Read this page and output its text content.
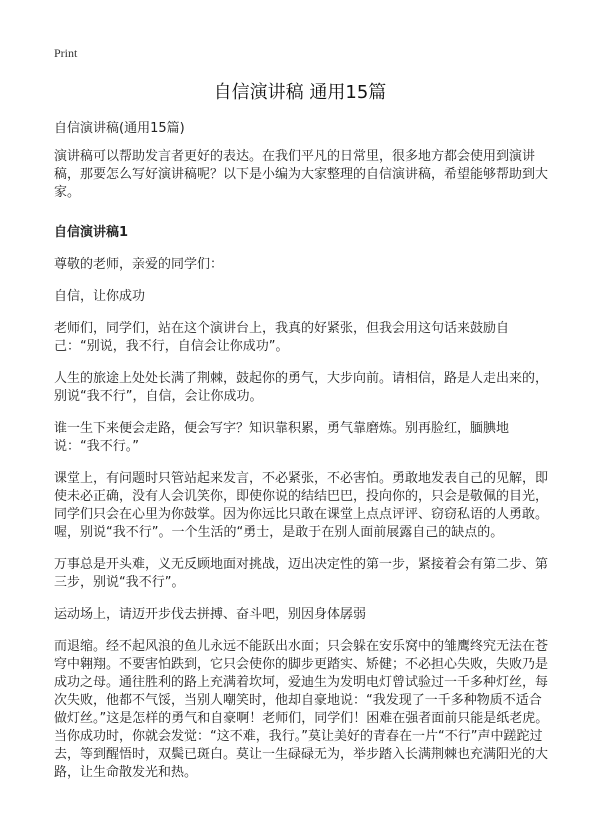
Print
自信演讲稿 通用15篇

自信演讲稿(通用15篇)

演讲稿可以帮助发言者更好的表达。在我们平凡的日常里，很多地方都会使用到演讲稿，那要怎么写好演讲稿呢？以下是小编为大家整理的自信演讲稿，希望能够帮助到大家。

自信演讲稿1

尊敬的老师，亲爱的同学们：

自信，让你成功

老师们，同学们，站在这个演讲台上，我真的好紧张，但我会用这句话来鼓励自己：“别说，我不行，自信会让你成功”。

人生的旅途上处处长满了荆棘，鼓起你的勇气，大步向前。请相信，路是人走出来的，别说“我不行”，自信，会让你成功。

谁一生下来便会走路，便会写字？知识靠积累，勇气靠磨炼。别再脸红，腼腆地说：“我不行。”

课堂上，有问题时只管站起来发言，不必紧张，不必害怕。勇敢地发表自己的见解，即使未必正确，没有人会讥笑你，即使你说的结结巴巴，投向你的，只会是敬佩的目光，同学们只会在心里为你鼓掌。因为你远比只敢在课堂上点点评评、窃窃私语的人勇敢。喔，别说“我不行”。一个生活的“勇士，是敢于在别人面前展露自己的缺点的。

万事总是开头难，义无反顾地面对挑战，迈出决定性的第一步，紧接着会有第二步、第三步，别说“我不行”。

运动场上，请迈开步伐去拼搏、奋斗吧，别因身体孱弱

而退缩。经不起风浪的鱼儿永远不能跃出水面；只会躲在安乐窝中的雏鹰终究无法在苍穹中翱翔。不要害怕跌到，它只会使你的脚步更踏实、矫健；不必担心失败，失败乃是成功之母。通往胜利的路上充满着坎坷，爱迪生为发明电灯曾试验过一千多种灯丝，每次失败，他都不气馁，当别人嘲笑时，他却自豪地说：“我发现了一千多种物质不适合做灯丝。”这是怎样的勇气和自豪啊！老师们，同学们！困难在强者面前只能是纸老虎。当你成功时，你就会发觉：“这不难，我行。”莫让美好的青春在一片“不行”声中蹉跎过去，等到醒悟时，双鬓已斑白。莫让一生碌碌无为，举步踏入长满荆棘也充满阳光的大路，让生命散发光和热。
